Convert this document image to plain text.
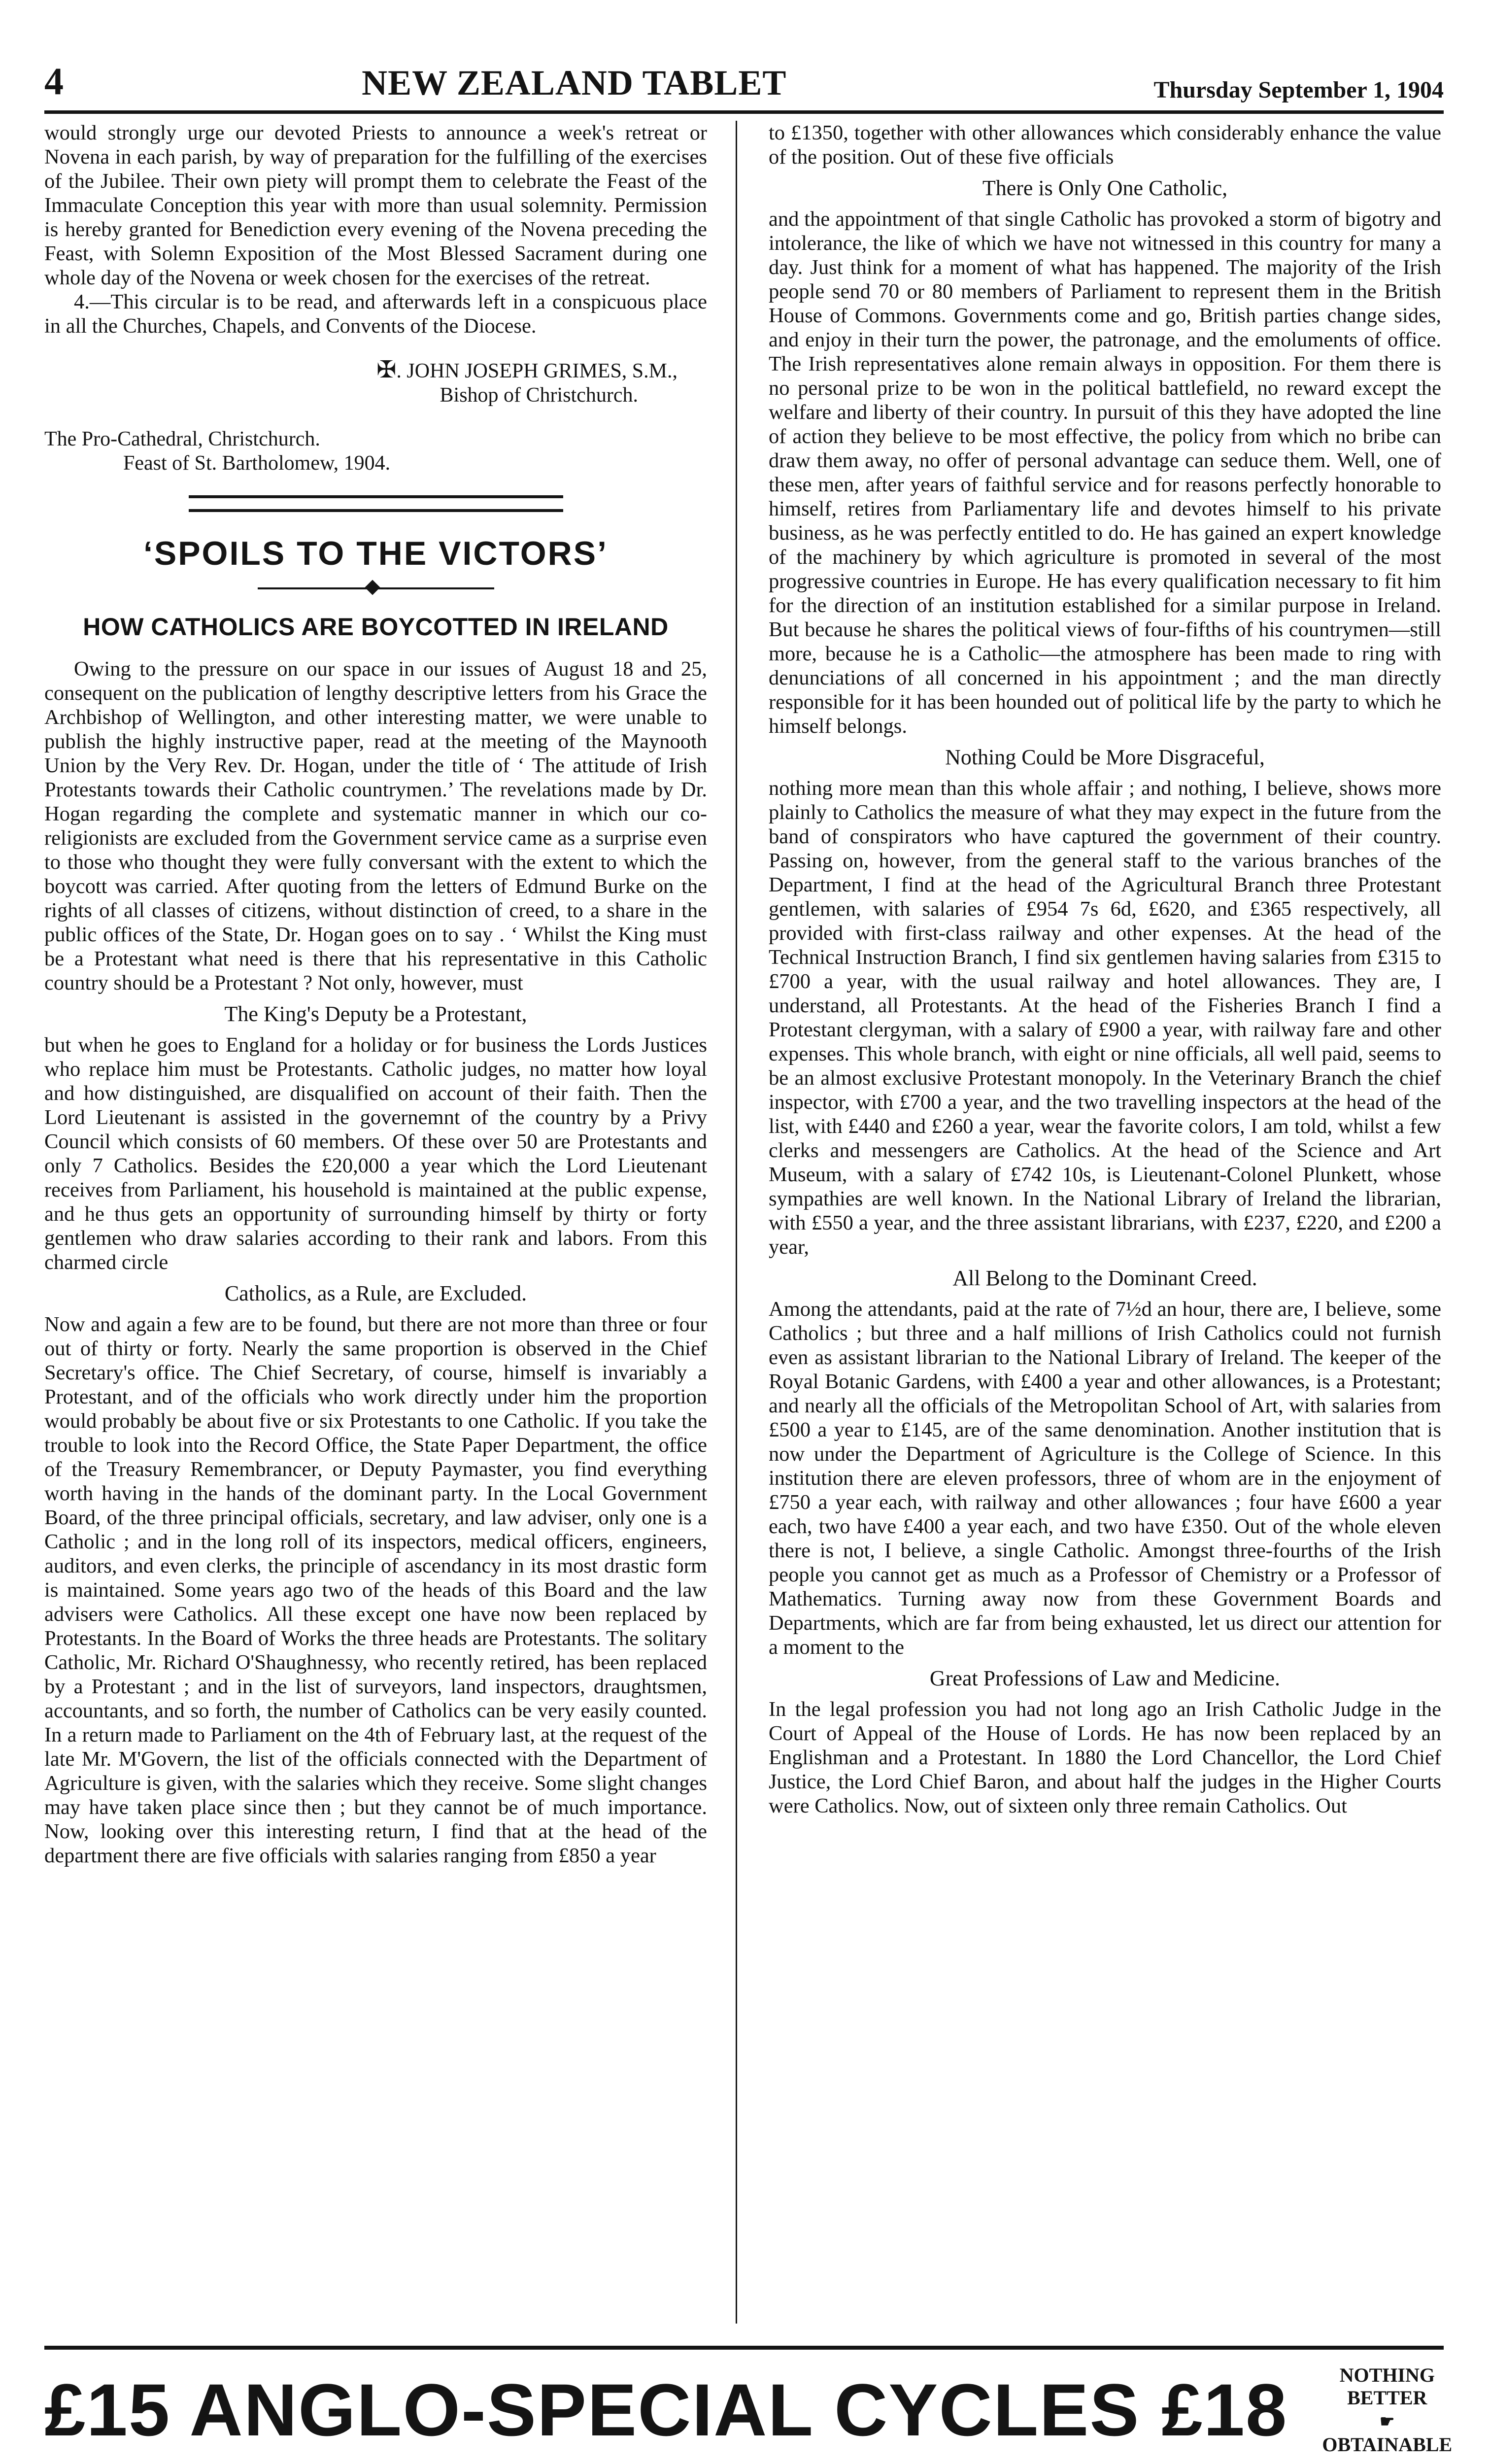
4	NEW ZEALAND TABLET	Thursday September 1, 1904

would strongly urge our devoted Priests to announce a week's retreat or Novena in each parish, by way of preparation for the fulfilling of the exercises of the Jubilee. Their own piety will prompt them to celebrate the Feast of the Immaculate Conception this year with more than usual solemnity. Permission is hereby granted for Benediction every evening of the Novena preceding the Feast, with Solemn Exposition of the Most Blessed Sacrament during one whole day of the Novena or week chosen for the exercises of the retreat.

4.—This circular is to be read, and afterwards left in a conspicuous place in all the Churches, Chapels, and Convents of the Diocese.

✠. JOHN JOSEPH GRIMES, S.M.,

Bishop of Christchurch.

The Pro-Cathedral, Christchurch.

Feast of St. Bartholomew, 1904.

‘SPOILS TO THE VICTORS’

HOW CATHOLICS ARE BOYCOTTED IN IRELAND

Owing to the pressure on our space in our issues of August 18 and 25, consequent on the publication of lengthy descriptive letters from his Grace the Archbishop of Wellington, and other interesting matter, we were unable to publish the highly instructive paper, read at the meeting of the Maynooth Union by the Very Rev. Dr. Hogan, under the title of ‘ The attitude of Irish Protestants towards their Catholic countrymen.’ The revelations made by Dr. Hogan regarding the complete and systematic manner in which our co-religionists are excluded from the Government service came as a surprise even to those who thought they were fully conversant with the extent to which the boycott was carried. After quoting from the letters of Edmund Burke on the rights of all classes of citizens, without distinction of creed, to a share in the public offices of the State, Dr. Hogan goes on to say . ‘ Whilst the King must be a Protestant what need is there that his representative in this Catholic country should be a Protestant ? Not only, however, must

The King's Deputy be a Protestant,

but when he goes to England for a holiday or for business the Lords Justices who replace him must be Protestants. Catholic judges, no matter how loyal and how distinguished, are disqualified on account of their faith. Then the Lord Lieutenant is assisted in the governemnt of the country by a Privy Council which consists of 60 members. Of these over 50 are Protestants and only 7 Catholics. Besides the £20,000 a year which the Lord Lieutenant receives from Parliament, his household is maintained at the public expense, and he thus gets an opportunity of surrounding himself by thirty or forty gentlemen who draw salaries according to their rank and labors. From this charmed circle

Catholics, as a Rule, are Excluded.

Now and again a few are to be found, but there are not more than three or four out of thirty or forty. Nearly the same proportion is observed in the Chief Secretary's office. The Chief Secretary, of course, himself is invariably a Protestant, and of the officials who work directly under him the proportion would probably be about five or six Protestants to one Catholic. If you take the trouble to look into the Record Office, the State Paper Department, the office of the Treasury Remembrancer, or Deputy Paymaster, you find everything worth having in the hands of the dominant party. In the Local Government Board, of the three principal officials, secretary, and law adviser, only one is a Catholic ; and in the long roll of its inspectors, medical officers, engineers, auditors, and even clerks, the principle of ascendancy in its most drastic form is maintained. Some years ago two of the heads of this Board and the law advisers were Catholics. All these except one have now been replaced by Protestants. In the Board of Works the three heads are Protestants. The solitary Catholic, Mr. Richard O'Shaughnessy, who recently retired, has been replaced by a Protestant ; and in the list of surveyors, land inspectors, draughtsmen, accountants, and so forth, the number of Catholics can be very easily counted. In a return made to Parliament on the 4th of February last, at the request of the late Mr. M'Govern, the list of the officials connected with the Department of Agriculture is given, with the salaries which they receive. Some slight changes may have taken place since then ; but they cannot be of much importance. Now, looking over this interesting return, I find that at the head of the department there are five officials with salaries ranging from £850 a year

to £1350, together with other allowances which considerably enhance the value of the position. Out of these five officials

There is Only One Catholic,

and the appointment of that single Catholic has provoked a storm of bigotry and intolerance, the like of which we have not witnessed in this country for many a day. Just think for a moment of what has happened. The majority of the Irish people send 70 or 80 members of Parliament to represent them in the British House of Commons. Governments come and go, British parties change sides, and enjoy in their turn the power, the patronage, and the emoluments of office. The Irish representatives alone remain always in opposition. For them there is no personal prize to be won in the political battlefield, no reward except the welfare and liberty of their country. In pursuit of this they have adopted the line of action they believe to be most effective, the policy from which no bribe can draw them away, no offer of personal advantage can seduce them. Well, one of these men, after years of faithful service and for reasons perfectly honorable to himself, retires from Parliamentary life and devotes himself to his private business, as he was perfectly entitled to do. He has gained an expert knowledge of the machinery by which agriculture is promoted in several of the most progressive countries in Europe. He has every qualification necessary to fit him for the direction of an institution established for a similar purpose in Ireland. But because he shares the political views of four-fifths of his countrymen—still more, because he is a Catholic—the atmosphere has been made to ring with denunciations of all concerned in his appointment ; and the man directly responsible for it has been hounded out of political life by the party to which he himself belongs.

Nothing Could be More Disgraceful,

nothing more mean than this whole affair ; and nothing, I believe, shows more plainly to Catholics the measure of what they may expect in the future from the band of conspirators who have captured the government of their country. Passing on, however, from the general staff to the various branches of the Department, I find at the head of the Agricultural Branch three Protestant gentlemen, with salaries of £954 7s 6d, £620, and £365 respectively, all provided with first-class railway and other expenses. At the head of the Technical Instruction Branch, I find six gentlemen having salaries from £315 to £700 a year, with the usual railway and hotel allowances. They are, I understand, all Protestants. At the head of the Fisheries Branch I find a Protestant clergyman, with a salary of £900 a year, with railway fare and other expenses. This whole branch, with eight or nine officials, all well paid, seems to be an almost exclusive Protestant monopoly. In the Veterinary Branch the chief inspector, with £700 a year, and the two travelling inspectors at the head of the list, with £440 and £260 a year, wear the favorite colors, I am told, whilst a few clerks and messengers are Catholics. At the head of the Science and Art Museum, with a salary of £742 10s, is Lieutenant-Colonel Plunkett, whose sympathies are well known. In the National Library of Ireland the librarian, with £550 a year, and the three assistant librarians, with £237, £220, and £200 a year,

All Belong to the Dominant Creed.

Among the attendants, paid at the rate of 7½d an hour, there are, I believe, some Catholics ; but three and a half millions of Irish Catholics could not furnish even as assistant librarian to the National Library of Ireland. The keeper of the Royal Botanic Gardens, with £400 a year and other allowances, is a Protestant; and nearly all the officials of the Metropolitan School of Art, with salaries from £500 a year to £145, are of the same denomination. Another institution that is now under the Department of Agriculture is the College of Science. In this institution there are eleven professors, three of whom are in the enjoyment of £750 a year each, with railway and other allowances ; four have £600 a year each, two have £400 a year each, and two have £350. Out of the whole eleven there is not, I believe, a single Catholic. Amongst three-fourths of the Irish people you cannot get as much as a Professor of Chemistry or a Professor of Mathematics. Turning away now from these Government Boards and Departments, which are far from being exhausted, let us direct our attention for a moment to the

Great Professions of Law and Medicine.

In the legal profession you had not long ago an Irish Catholic Judge in the Court of Appeal of the House of Lords. He has now been replaced by an Englishman and a Protestant. In 1880 the Lord Chancellor, the Lord Chief Justice, the Lord Chief Baron, and about half the judges in the Higher Courts were Catholics. Now, out of sixteen only three remain Catholics. Out

£15 ANGLO-SPECIAL CYCLES £18	NOTHING BETTER
☛ OBTAINABLE
